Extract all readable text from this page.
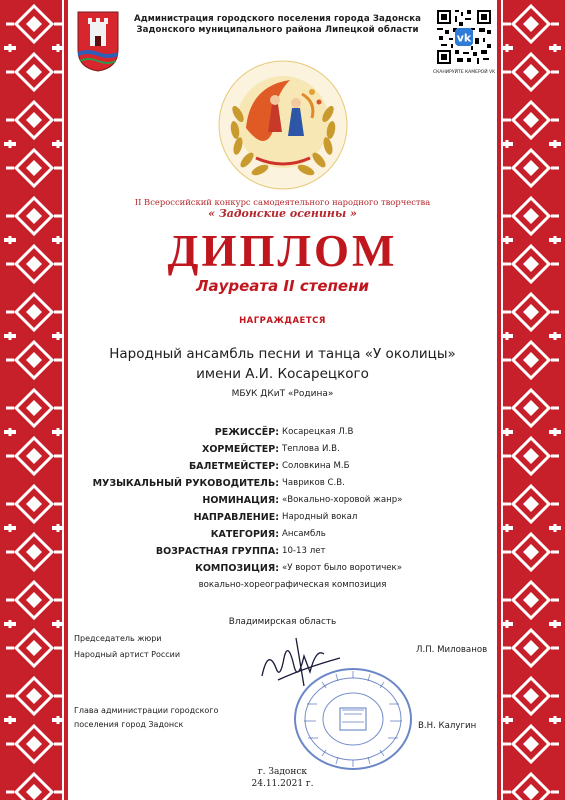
Администрация городского поселения города Задонска
Задонского муниципального района Липецкой области
vk
СКАНИРУЙТЕ КАМЕРОЙ VK
II Всероссийский конкурс самодеятельного народного творчества
« Задонские осенины »
ДИПЛОМ
Лауреата II степени
НАГРАЖДАЕТСЯ
Народный ансамбль песни и танца «У околицы»
имени А.И. Косарецкого
МБУК ДКиТ «Родина»
РЕЖИССЁР: Косарецкая Л.В
ХОРМЕЙСТЕР: Теплова И.В.
БАЛЕТМЕЙСТЕР: Соловкина М.Б
МУЗЫКАЛЬНЫЙ РУКОВОДИТЕЛЬ: Чавриков С.В.
НОМИНАЦИЯ: «Вокально-хоровой жанр»
НАПРАВЛЕНИЕ: Народный вокал
КАТЕГОРИЯ: Ансамбль
ВОЗРАСТНАЯ ГРУППА: 10-13 лет
КОМПОЗИЦИЯ: «У ворот было воротичек»
вокально-хореографическая композиция
Владимирская область
Председатель жюри
Народный артист России	Л.П. Милованов
Глава администрации городского
поселения город Задонск	В.Н. Калугин
г. Задонск
24.11.2021 г.
